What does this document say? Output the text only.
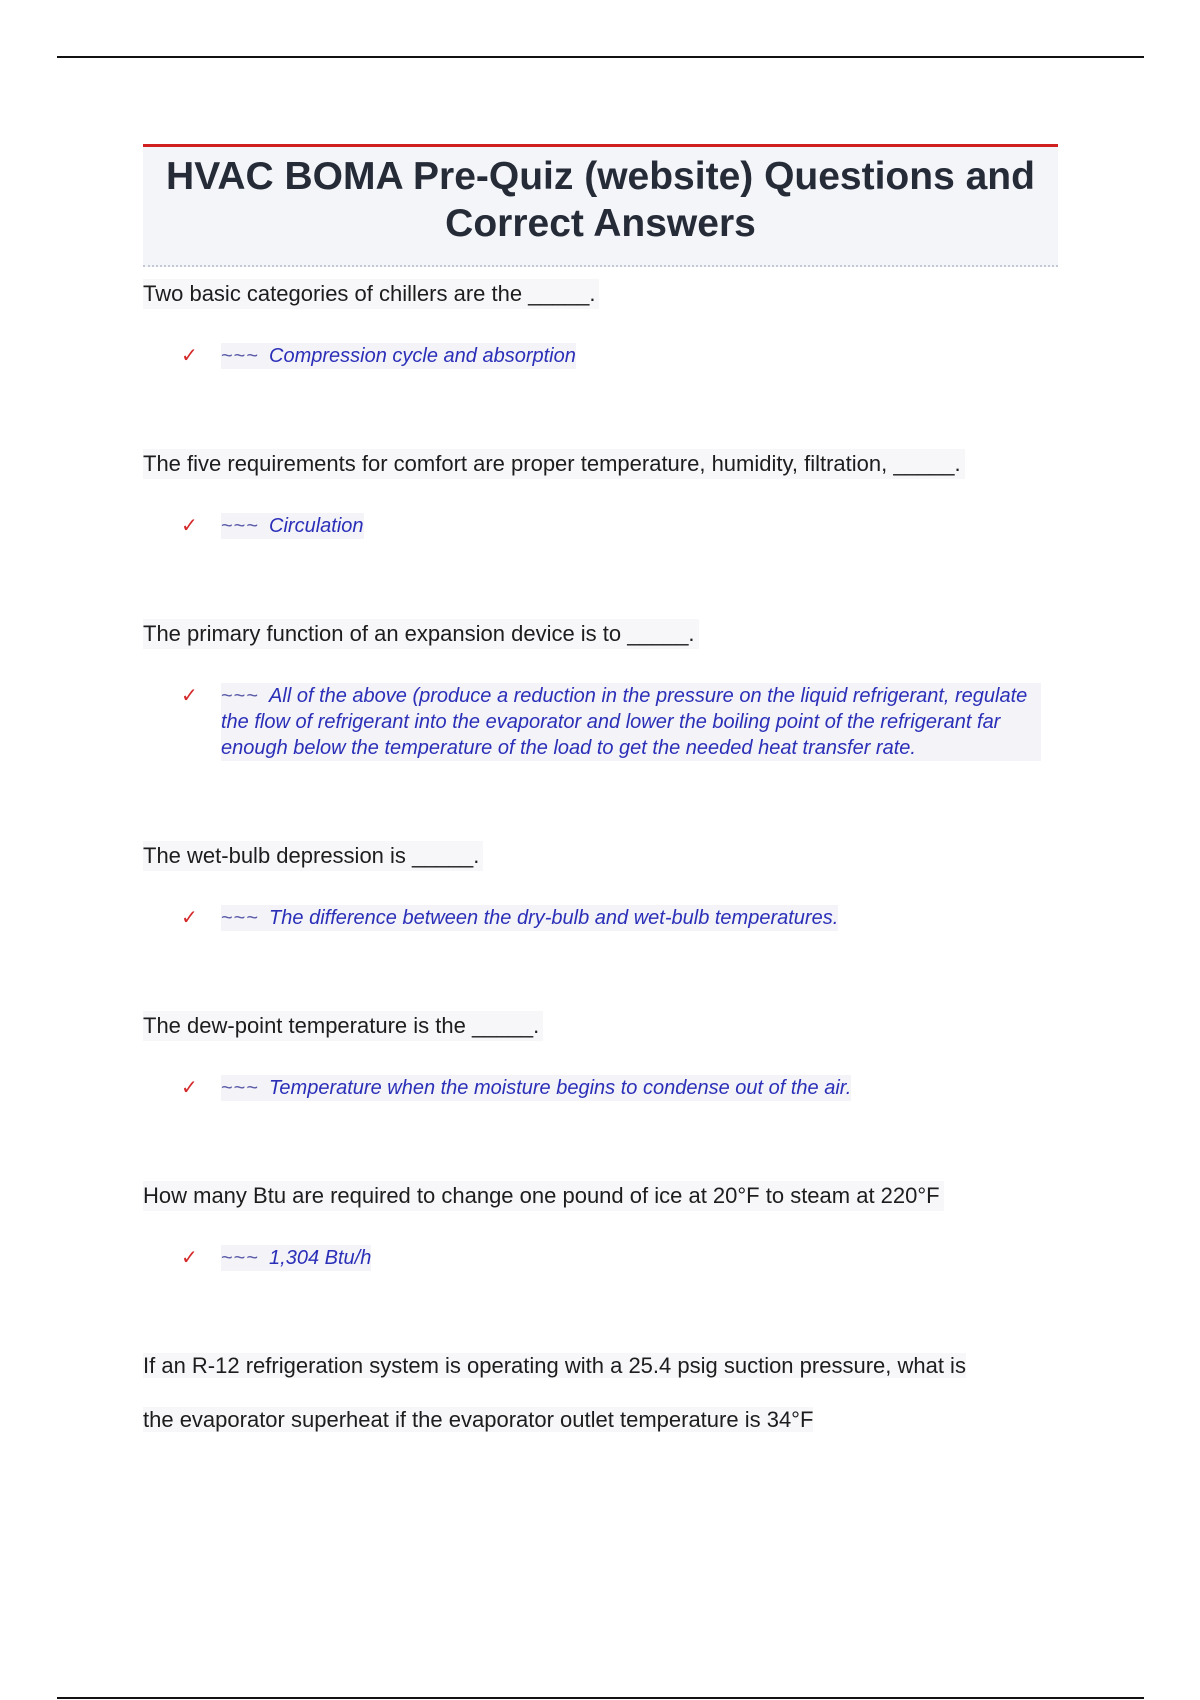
HVAC BOMA Pre-Quiz (website) Questions and Correct Answers
Two basic categories of chillers are the _____.
✓	~~~ Compression cycle and absorption
The five requirements for comfort are proper temperature, humidity, filtration, _____.
✓	~~~ Circulation
The primary function of an expansion device is to _____.
✓	~~~ All of the above (produce a reduction in the pressure on the liquid refrigerant, regulate the flow of refrigerant into the evaporator and lower the boiling point of the refrigerant far enough below the temperature of the load to get the needed heat transfer rate.
The wet-bulb depression is _____.
✓	~~~ The difference between the dry-bulb and wet-bulb temperatures.
The dew-point temperature is the _____.
✓	~~~ Temperature when the moisture begins to condense out of the air.
How many Btu are required to change one pound of ice at 20°F to steam at 220°F
✓	~~~ 1,304 Btu/h
If an R-12 refrigeration system is operating with a 25.4 psig suction pressure, what is
the evaporator superheat if the evaporator outlet temperature is 34°F
